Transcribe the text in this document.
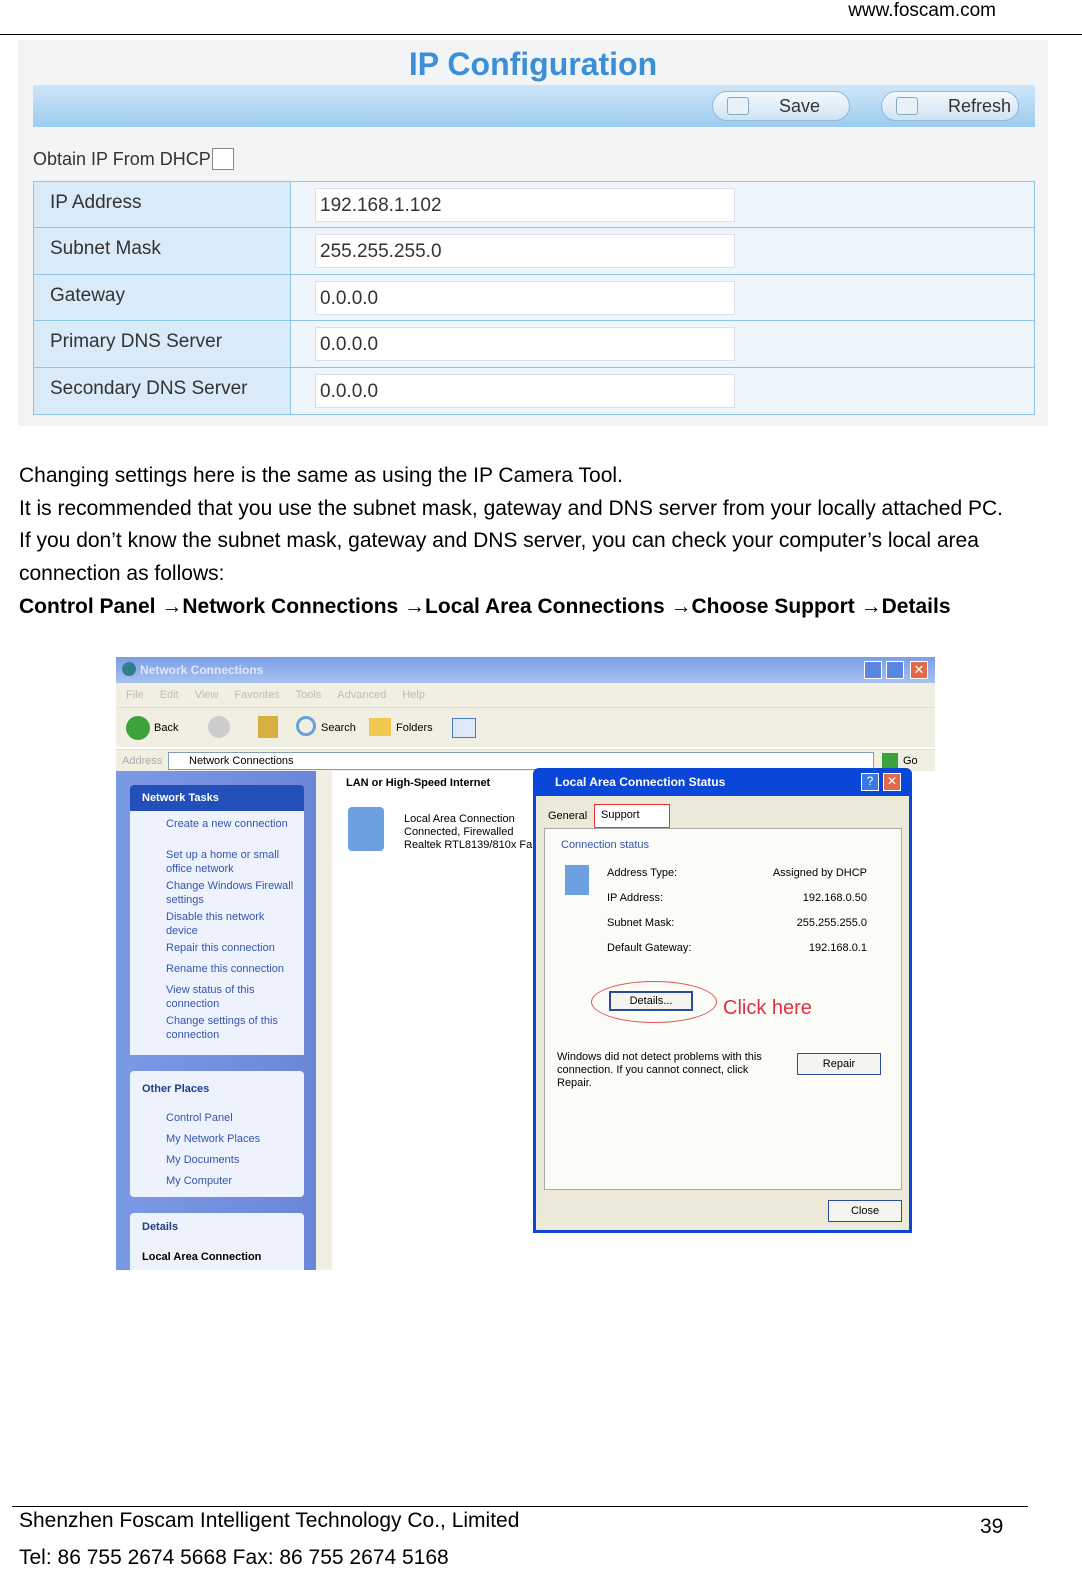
www.foscam.com
IP Configuration
Save	Refresh
Obtain IP From DHCP
IP Address	192.168.1.102
Subnet Mask	255.255.255.0
Gateway	0.0.0.0
Primary DNS Server	0.0.0.0
Secondary DNS Server	0.0.0.0
Changing settings here is the same as using the IP Camera Tool.
It is recommended that you use the subnet mask, gateway and DNS server from your locally attached PC.
If you don’t know the subnet mask, gateway and DNS server, you can check your computer’s local area connection as follows:
Control Panel →Network Connections →Local Area Connections →Choose Support →Details
Network Connections	✕
File Edit View Favorites Tools Advanced Help
Back	Search	Folders
Address	Network Connections	Go
Network Tasks
Create a new connection
Set up a home or small office network
Change Windows Firewall settings
Disable this network device
Repair this connection
Rename this connection
View status of this connection
Change settings of this connection
Other Places
Control Panel
My Network Places
My Documents
My Computer
Details
Local Area Connection
LAN or High-Speed Internet
Local Area Connection
Connected, Firewalled
Realtek RTL8139/810x Fa
Local Area Connection Status	?	✕
General	Support
Connection status
Address Type:	Assigned by DHCP
IP Address:	192.168.0.50
Subnet Mask:	255.255.255.0
Default Gateway:	192.168.0.1
Details...	Click here
Windows did not detect problems with this connection. If you cannot connect, click Repair.
Repair
Close
Shenzhen Foscam Intelligent Technology Co., Limited
Tel: 86 755 2674 5668 Fax: 86 755 2674 5168
39
